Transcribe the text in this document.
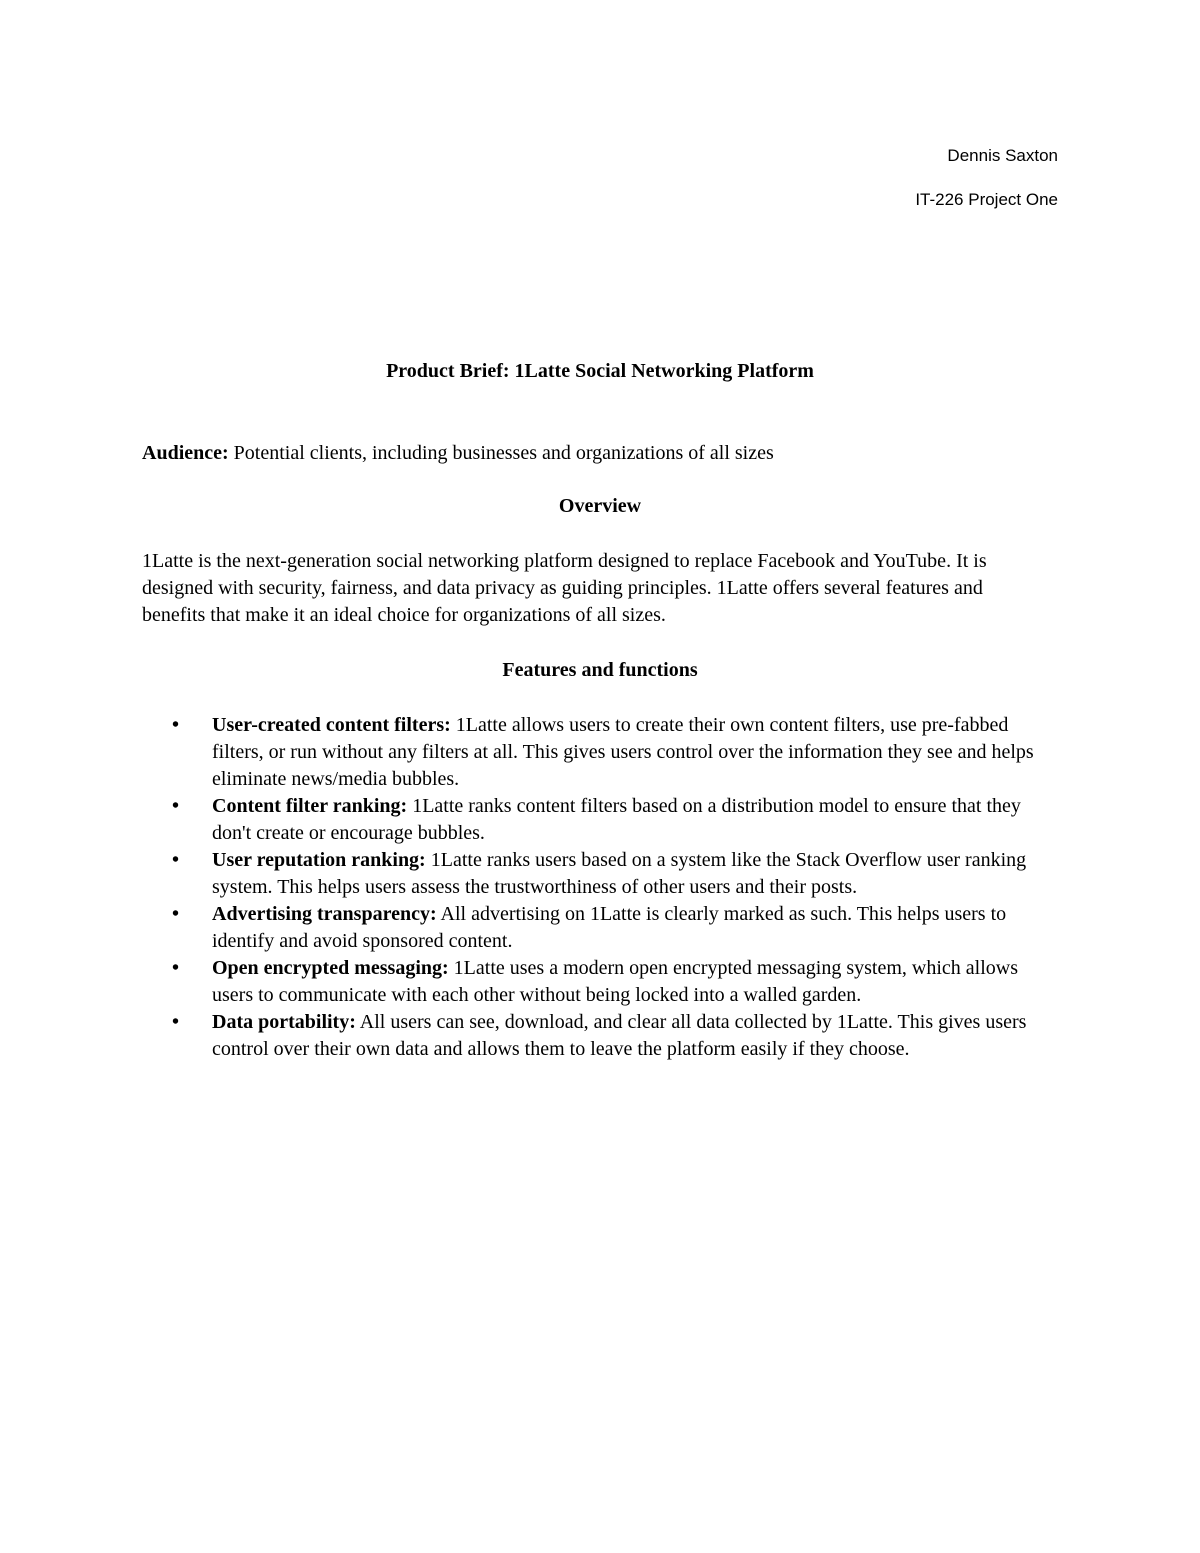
Dennis Saxton
IT-226 Project One
Product Brief: 1Latte Social Networking Platform
Audience: Potential clients, including businesses and organizations of all sizes
Overview
1Latte is the next-generation social networking platform designed to replace Facebook and YouTube. It is designed with security, fairness, and data privacy as guiding principles. 1Latte offers several features and benefits that make it an ideal choice for organizations of all sizes.
Features and functions
• User-created content filters: 1Latte allows users to create their own content filters, use pre-fabbed filters, or run without any filters at all. This gives users control over the information they see and helps eliminate news/media bubbles.
• Content filter ranking: 1Latte ranks content filters based on a distribution model to ensure that they don't create or encourage bubbles.
• User reputation ranking: 1Latte ranks users based on a system like the Stack Overflow user ranking system. This helps users assess the trustworthiness of other users and their posts.
• Advertising transparency: All advertising on 1Latte is clearly marked as such. This helps users to identify and avoid sponsored content.
• Open encrypted messaging: 1Latte uses a modern open encrypted messaging system, which allows users to communicate with each other without being locked into a walled garden.
• Data portability: All users can see, download, and clear all data collected by 1Latte. This gives users control over their own data and allows them to leave the platform easily if they choose.
